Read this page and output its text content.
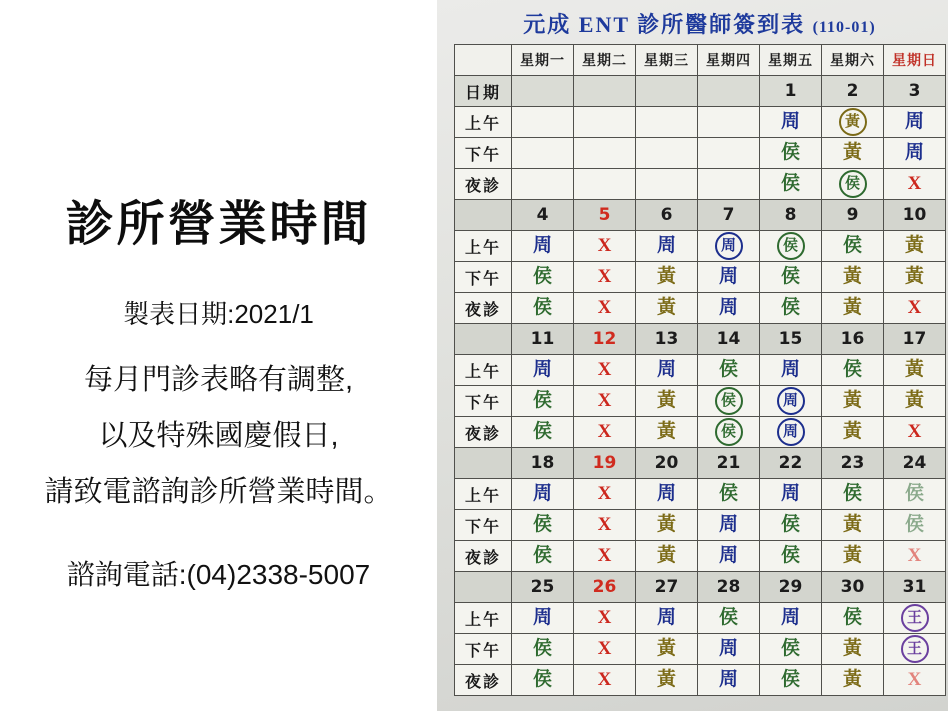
診所營業時間

製表日期:2021/1

每月門診表略有調整,

以及特殊國慶假日,

請致電諮詢診所營業時間。

諮詢電話:(04)2338-5007

元成 ENT 診所醫師簽到表 (110-01)
	星期一	星期二	星期三	星期四	星期五	星期六	星期日
日期					1	2	3
上午					周	黃	周
下午					侯	黃	周
夜診					侯	侯	X
	4	5	6	7	8	9	10
上午	周	X	周	周	侯	侯	黃
下午	侯	X	黃	周	侯	黃	黃
夜診	侯	X	黃	周	侯	黃	X
	11	12	13	14	15	16	17
上午	周	X	周	侯	周	侯	黃
下午	侯	X	黃	侯	周	黃	黃
夜診	侯	X	黃	侯	周	黃	X
	18	19	20	21	22	23	24
上午	周	X	周	侯	周	侯	侯
下午	侯	X	黃	周	侯	黃	侯
夜診	侯	X	黃	周	侯	黃	X
	25	26	27	28	29	30	31
上午	周	X	周	侯	周	侯	王
下午	侯	X	黃	周	侯	黃	王
夜診	侯	X	黃	周	侯	黃	X
